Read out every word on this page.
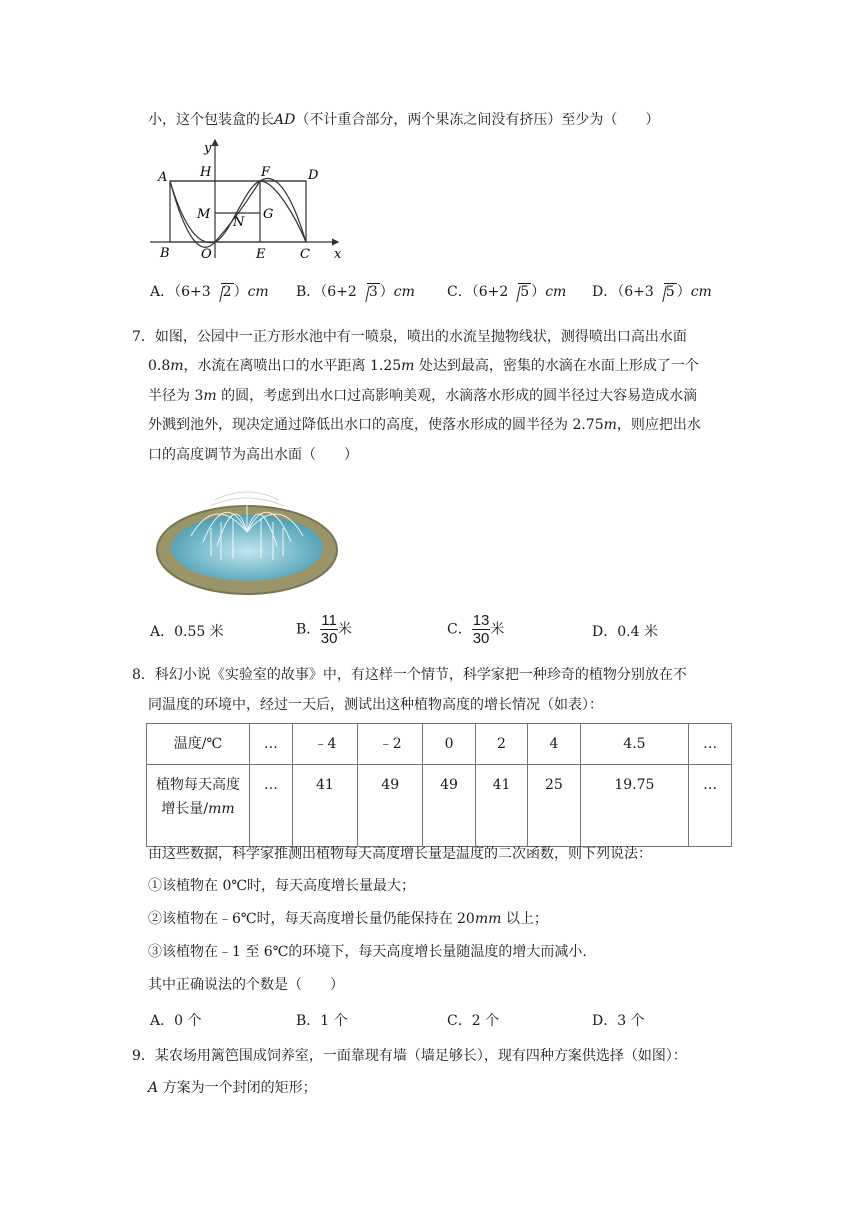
小，这个包装盒的长AD（不计重合部分，两个果冻之间没有挤压）至少为（　　）
A	H
y
F	D
M	G
N
B O	E	C x
A．（6+3 2 ）cm B．（6+2 3 ）cm C．（6+2 5 ）cm D．（6+3 5 ）cm
7．如图，公园中一正方形水池中有一喷泉，喷出的水流呈抛物线状，测得喷出口高出水面
0.8m，水流在离喷出口的水平距离 1.25m 处达到最高，密集的水滴在水面上形成了一个
半径为 3m 的圆，考虑到出水口过高影响美观，水滴落水形成的圆半径过大容易造成水滴
外溅到池外，现决定通过降低出水口的高度，使落水形成的圆半径为 2.75m，则应把出水
口的高度调节为高出水面（　　）
A．0.55 米	B． $\frac{11}{30}$ 米	C． $\frac{13}{30}$ 米	D．0.4 米
8．科幻小说《实验室的故事》中，有这样一个情节，科学家把一种珍奇的植物分别放在不
同温度的环境中，经过一天后，测试出这种植物高度的增长情况（如表）：
温度/℃	…	﹣4	﹣2	0	2	4	4.5	…
植物每天高度
增长量/mm	…	41	49	49	41	25	19.75	…
由这些数据，科学家推测出植物每天高度增长量是温度的二次函数，则下列说法：
①该植物在 0℃时，每天高度增长量最大；
②该植物在﹣6℃时，每天高度增长量仍能保持在 20mm 以上；
③该植物在﹣1 至 6℃的环境下，每天高度增长量随温度的增大而减小.
其中正确说法的个数是（　　）
A．0 个	B．1 个	C．2 个	D．3 个
9．某农场用篱笆围成饲养室，一面靠现有墙（墙足够长），现有四种方案供选择（如图）：
A 方案为一个封闭的矩形；
